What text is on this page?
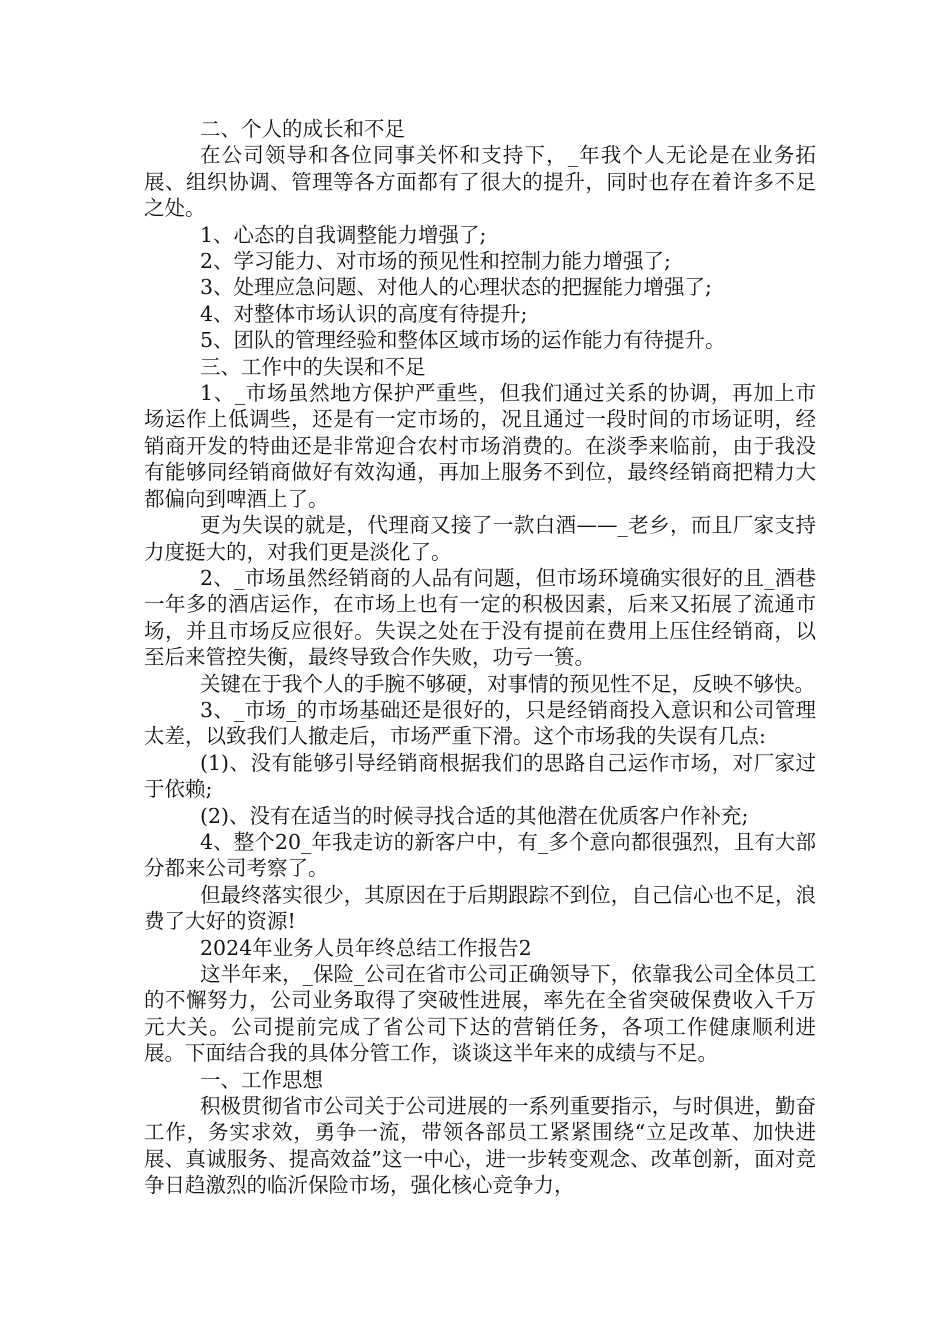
二、个人的成长和不足

在公司领导和各位同事关怀和支持下，_年我个人无论是在业务拓展、组织协调、管理等各方面都有了很大的提升，同时也存在着许多不足之处。

1、心态的自我调整能力增强了;

2、学习能力、对市场的预见性和控制力能力增强了;

3、处理应急问题、对他人的心理状态的把握能力增强了;

4、对整体市场认识的高度有待提升;

5、团队的管理经验和整体区域市场的运作能力有待提升。

三、工作中的失误和不足

1、_市场虽然地方保护严重些，但我们通过关系的协调，再加上市场运作上低调些，还是有一定市场的，况且通过一段时间的市场证明，经销商开发的特曲还是非常迎合农村市场消费的。在淡季来临前，由于我没有能够同经销商做好有效沟通，再加上服务不到位，最终经销商把精力大都偏向到啤酒上了。

更为失误的就是，代理商又接了一款白酒——_老乡，而且厂家支持力度挺大的，对我们更是淡化了。

2、_市场虽然经销商的人品有问题，但市场环境确实很好的且_酒巷一年多的酒店运作，在市场上也有一定的积极因素，后来又拓展了流通市场，并且市场反应很好。失误之处在于没有提前在费用上压住经销商，以至后来管控失衡，最终导致合作失败，功亏一篑。

关键在于我个人的手腕不够硬，对事情的预见性不足，反映不够快。

3、_市场_的市场基础还是很好的，只是经销商投入意识和公司管理太差，以致我们人撤走后，市场严重下滑。这个市场我的失误有几点:

(1)、没有能够引导经销商根据我们的思路自己运作市场，对厂家过于依赖;

(2)、没有在适当的时候寻找合适的其他潜在优质客户作补充;

4、整个20_年我走访的新客户中，有_多个意向都很强烈，且有大部分都来公司考察了。

但最终落实很少，其原因在于后期跟踪不到位，自己信心也不足，浪费了大好的资源!

2024年业务人员年终总结工作报告2

这半年来，_保险_公司在省市公司正确领导下，依靠我公司全体员工的不懈努力，公司业务取得了突破性进展，率先在全省突破保费收入千万元大关。公司提前完成了省公司下达的营销任务，各项工作健康顺利进展。下面结合我的具体分管工作，谈谈这半年来的成绩与不足。

一、工作思想

积极贯彻省市公司关于公司进展的一系列重要指示，与时俱进，勤奋工作，务实求效，勇争一流，带领各部员工紧紧围绕“立足改革、加快进展、真诚服务、提高效益”这一中心，进一步转变观念、改革创新，面对竞争日趋激烈的临沂保险市场，强化核心竞争力，
